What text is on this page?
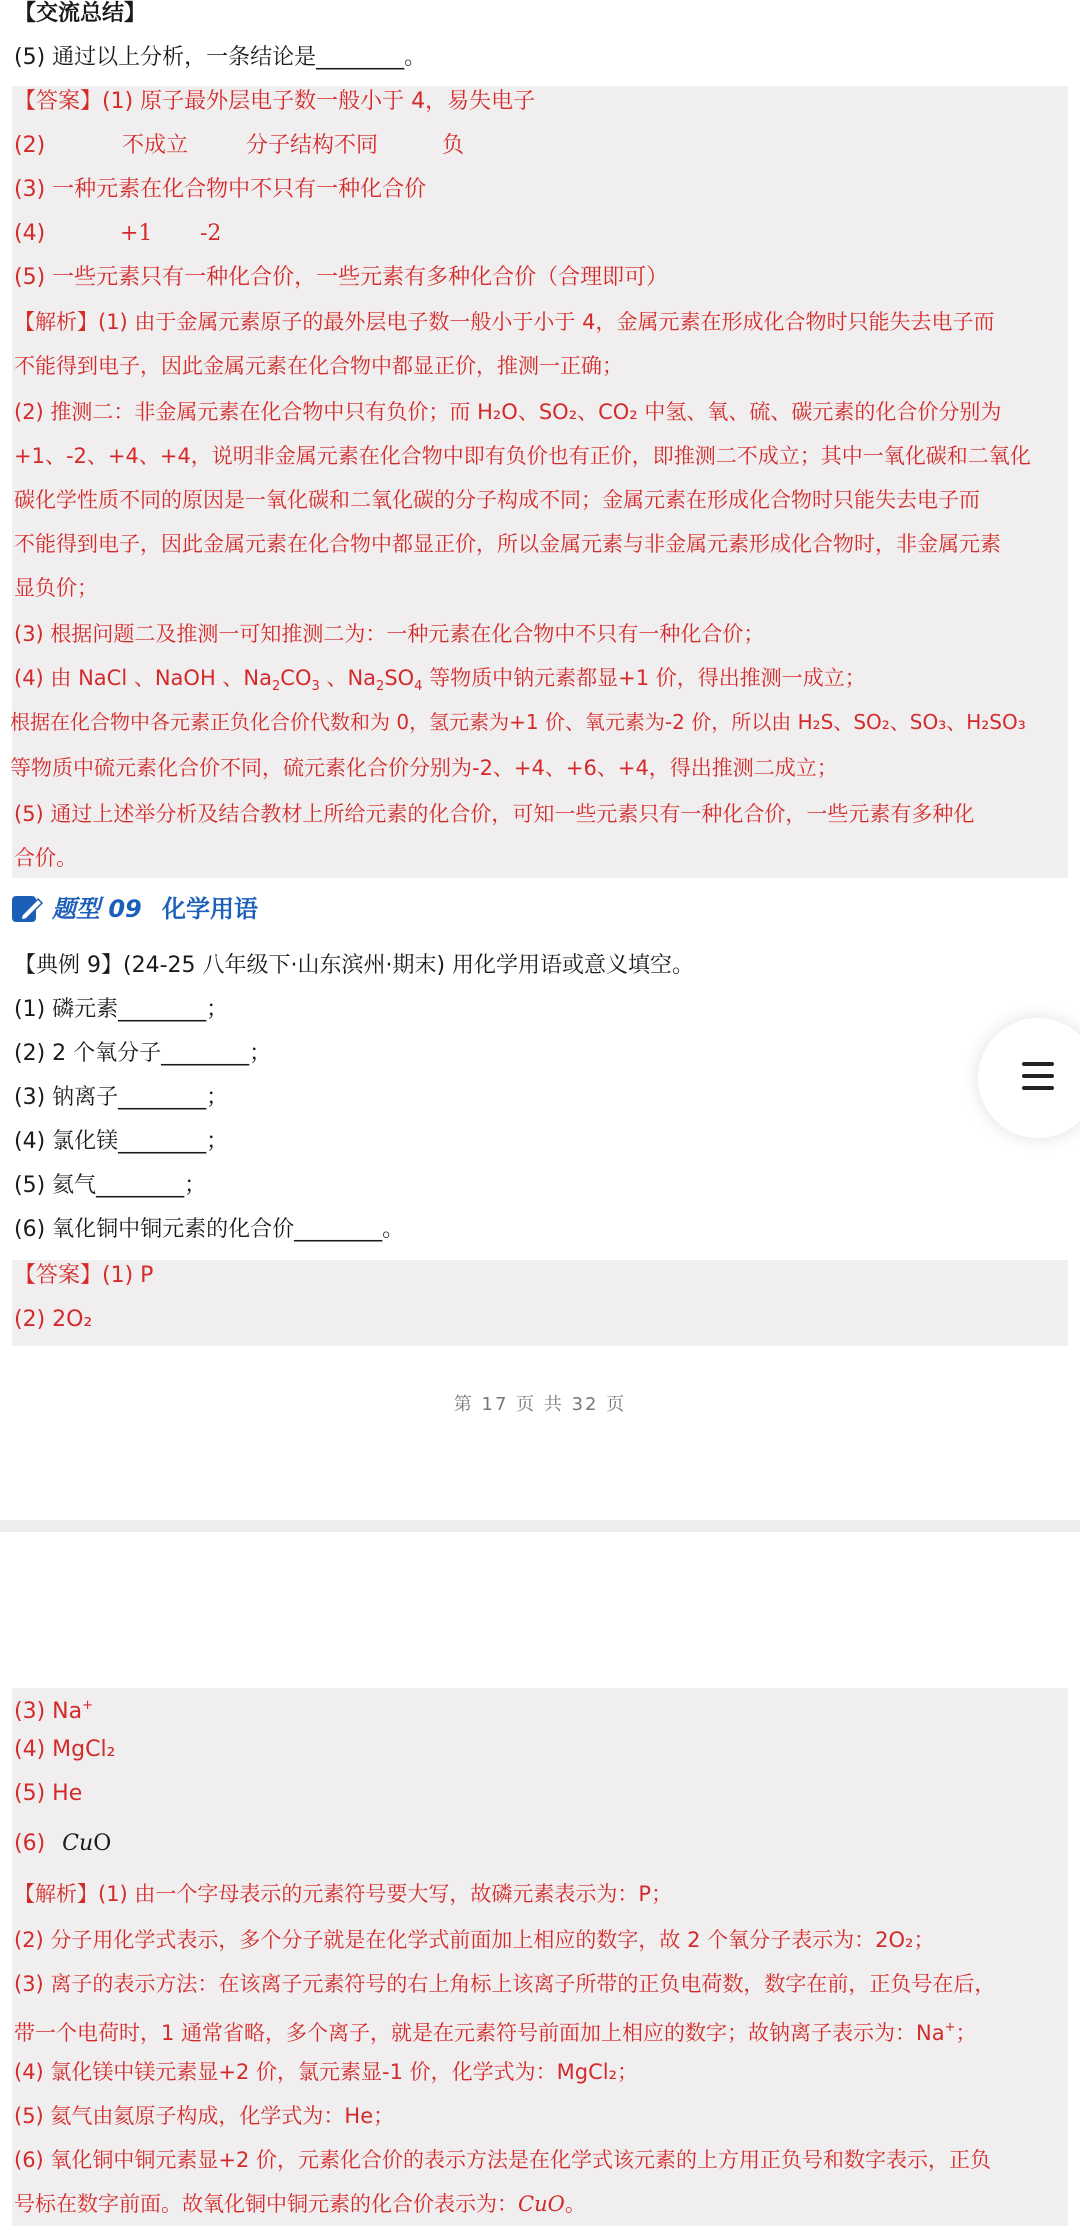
【交流总结】
(5) 通过以上分析，一条结论是________。
【答案】(1) 原子最外层电子数一般小于 4，易失电子
(2)	不成立	分子结构不同	负
(3) 一种元素在化合物中不只有一种化合价
(4)	+1 -2
(5) 一些元素只有一种化合价，一些元素有多种化合价（合理即可）
【解析】(1) 由于金属元素原子的最外层电子数一般小于小于 4，金属元素在形成化合物时只能失去电子而
不能得到电子，因此金属元素在化合物中都显正价，推测一正确；
(2) 推测二：非金属元素在化合物中只有负价；而 H₂O、SO₂、CO₂ 中氢、氧、硫、碳元素的化合价分别为
+1、-2、+4、+4，说明非金属元素在化合物中即有负价也有正价，即推测二不成立；其中一氧化碳和二氧化
碳化学性质不同的原因是一氧化碳和二氧化碳的分子构成不同；金属元素在形成化合物时只能失去电子而
不能得到电子，因此金属元素在化合物中都显正价，所以金属元素与非金属元素形成化合物时，非金属元素
显负价；
(3) 根据问题二及推测一可知推测二为：一种元素在化合物中不只有一种化合价；
(4) 由 NaCl 、NaOH 、$Na_2CO_3$ 、$Na_2SO_4$ 等物质中钠元素都显+1 价，得出推测一成立；
根据在化合物中各元素正负化合价代数和为 0，氢元素为+1 价、氧元素为-2 价，所以由 H₂S、SO₂、SO₃、H₂SO₃
等物质中硫元素化合价不同，硫元素化合价分别为-2、+4、+6、+4，得出推测二成立；
(5) 通过上述举分析及结合教材上所给元素的化合价，可知一些元素只有一种化合价，一些元素有多种化
合价。
题型 09 化学用语
【典例 9】(24-25 八年级下·山东滨州·期末) 用化学用语或意义填空。
(1) 磷元素________；
(2) 2 个氧分子________；
(3) 钠离子________；
(4) 氯化镁________；
(5) 氦气________；
(6) 氧化铜中铜元素的化合价________。
【答案】(1) P
(2) 2O₂
第 17 页 共 32 页
(3) Na+
(4) MgCl₂
(5) He
(6) CuO
【解析】(1) 由一个字母表示的元素符号要大写，故磷元素表示为：P；
(2) 分子用化学式表示，多个分子就是在化学式前面加上相应的数字，故 2 个氧分子表示为：2O₂；
(3) 离子的表示方法：在该离子元素符号的右上角标上该离子所带的正负电荷数，数字在前，正负号在后，
带一个电荷时，1 通常省略，多个离子，就是在元素符号前面加上相应的数字；故钠离子表示为：Na+；
(4) 氯化镁中镁元素显+2 价，氯元素显-1 价，化学式为：MgCl₂；
(5) 氦气由氦原子构成，化学式为：He；
(6) 氧化铜中铜元素显+2 价，元素化合价的表示方法是在化学式该元素的上方用正负号和数字表示，正负
号标在数字前面。故氧化铜中铜元素的化合价表示为：
CuO。
